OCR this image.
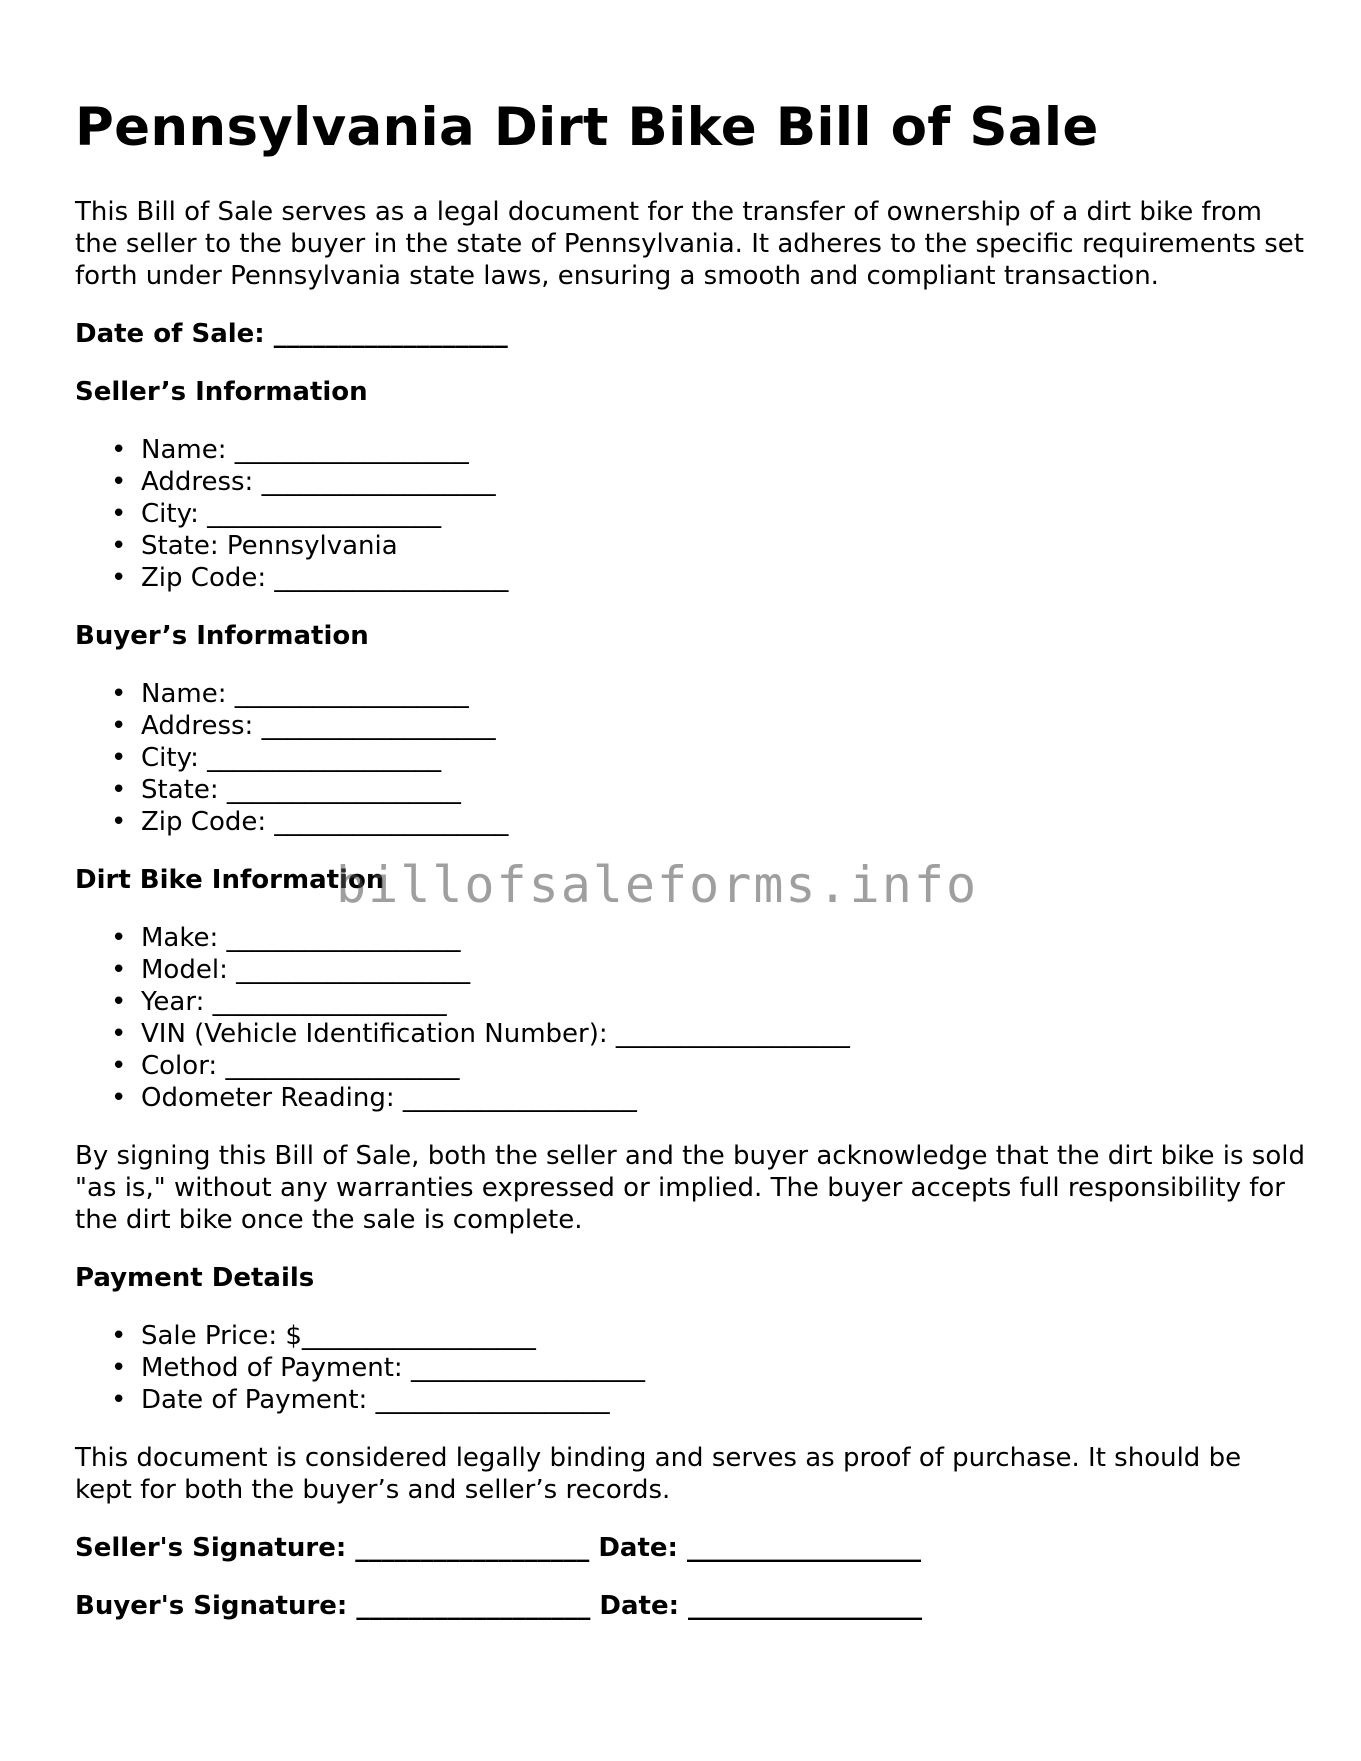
Pennsylvania Dirt Bike Bill of Sale

This Bill of Sale serves as a legal document for the transfer of ownership of a dirt bike from the seller to the buyer in the state of Pennsylvania. It adheres to the specific requirements set forth under Pennsylvania state laws, ensuring a smooth and compliant transaction.

Date of Sale: __________________
Seller’s Information
• Name: __________________
• Address: __________________
• City: __________________
• State: Pennsylvania
• Zip Code: __________________
Buyer’s Information
• Name: __________________
• Address: __________________
• City: __________________
• State: __________________
• Zip Code: __________________
Dirt Bike Information
• Make: __________________
• Model: __________________
• Year: __________________
• VIN (Vehicle Identification Number): __________________
• Color: __________________
• Odometer Reading: __________________

By signing this Bill of Sale, both the seller and the buyer acknowledge that the dirt bike is sold "as is," without any warranties expressed or implied. The buyer accepts full responsibility for the dirt bike once the sale is complete.

Payment Details
• Sale Price: $__________________
• Method of Payment: __________________
• Date of Payment: __________________

This document is considered legally binding and serves as proof of purchase. It should be kept for both the buyer’s and seller’s records.

Seller's Signature: __________________ Date: __________________
Buyer's Signature: __________________ Date: __________________
billofsaleforms.info
